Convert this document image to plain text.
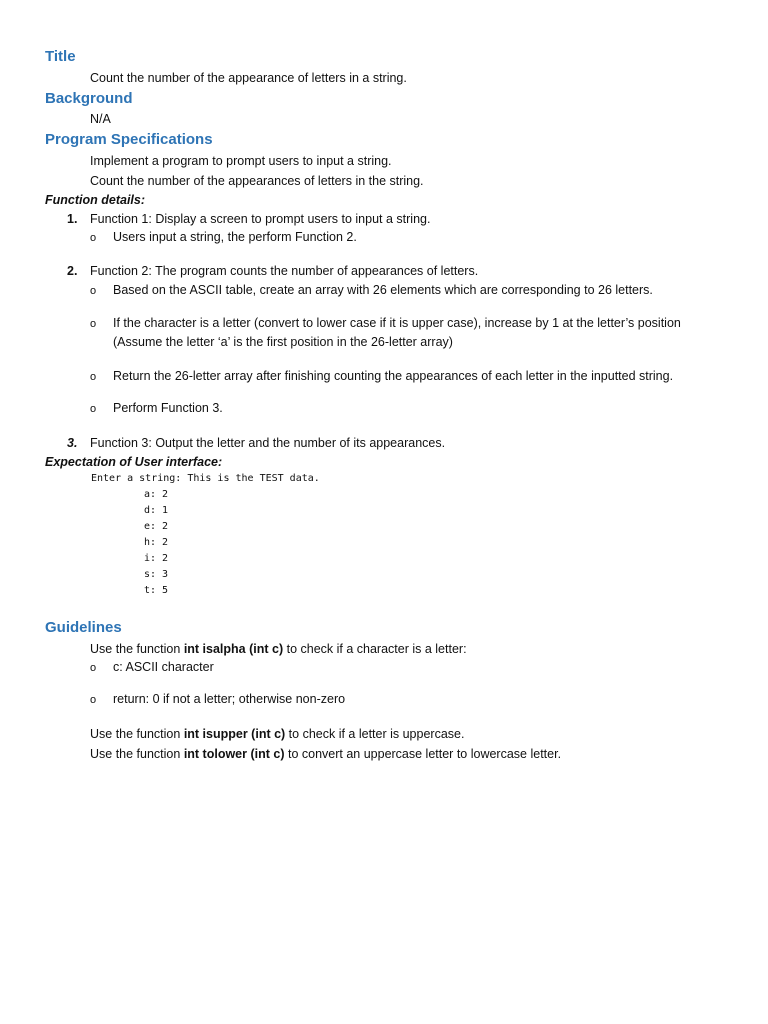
Title
Count the number of the appearance of letters in a string.
Background
N/A
Program Specifications
Implement a program to prompt users to input a string.
Count the number of the appearances of letters in the string.
Function details:
1. Function 1: Display a screen to prompt users to input a string.
o Users input a string, the perform Function 2.
2. Function 2: The program counts the number of appearances of letters.
o Based on the ASCII table, create an array with 26 elements which are corresponding to 26 letters.
o If the character is a letter (convert to lower case if it is upper case), increase by 1 at the letter’s position
(Assume the letter ‘a’ is the first position in the 26-letter array)
o Return the 26-letter array after finishing counting the appearances of each letter in the inputted string.
o Perform Function 3.
3. Function 3: Output the letter and the number of its appearances.
Expectation of User interface:
Enter a string: This is the TEST data.
a: 2
d: 1
e: 2
h: 2
i: 2
s: 3
t: 5
Guidelines
Use the function int isalpha (int c) to check if a character is a letter:
o c: ASCII character
o return: 0 if not a letter; otherwise non-zero
Use the function int isupper (int c) to check if a letter is uppercase.
Use the function int tolower (int c) to convert an uppercase letter to lowercase letter.
